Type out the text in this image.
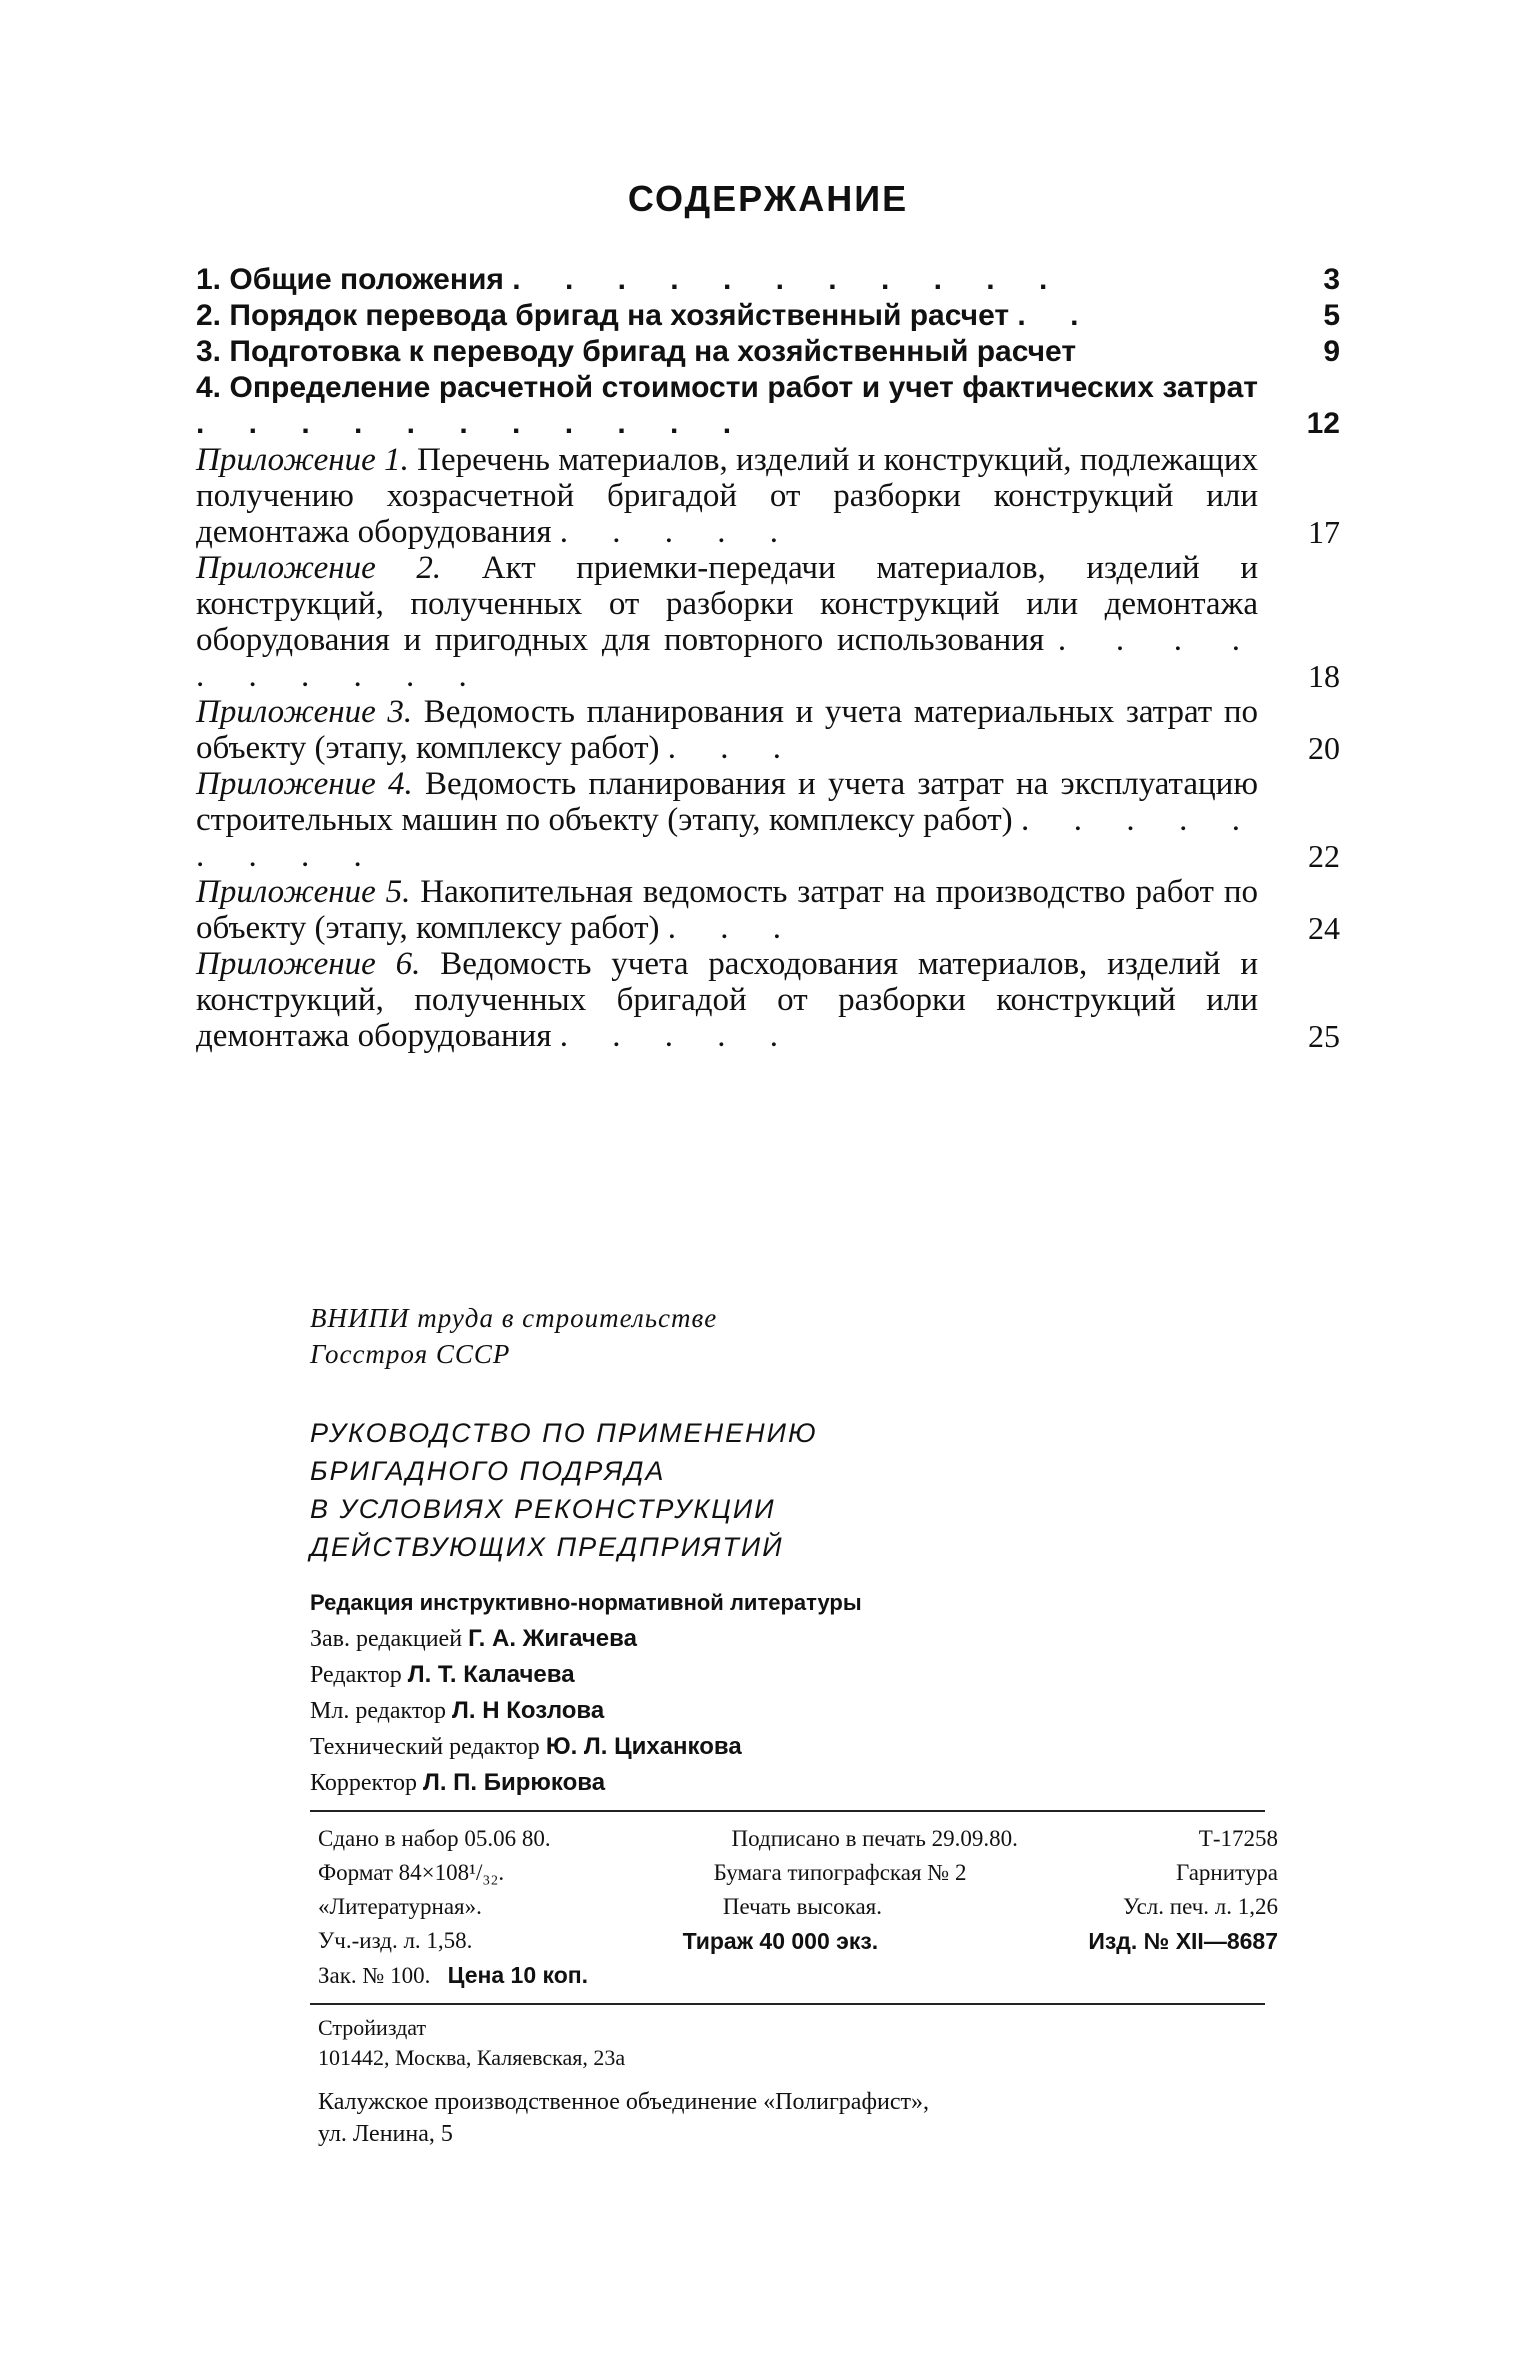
СОДЕРЖАНИЕ
1. Общие положения . . . . . . . . . . .	3
2. Порядок перевода бригад на хозяйственный расчет . .	5
3. Подготовка к переводу бригад на хозяйственный расчет	9
4. Определение расчетной стоимости работ и учет фактических затрат . . . . . . . . . . .	12
Приложение 1. Перечень материалов, изделий и конструкций, подлежащих получению хозрасчетной бригадой от разборки конструкций или демонтажа оборудования . . . . .	17
Приложение 2. Акт приемки-передачи материалов, изделий и конструкций, полученных от разборки конструкций или демонтажа оборудования и пригодных для повторного использования . . . . . . . . . .	18
Приложение 3. Ведомость планирования и учета материальных затрат по объекту (этапу, комплексу работ) . . .	20
Приложение 4. Ведомость планирования и учета затрат на эксплуатацию строительных машин по объекту (этапу, комплексу работ) . . . . . . . . .	22
Приложение 5. Накопительная ведомость затрат на производство работ по объекту (этапу, комплексу работ) . . .	24
Приложение 6. Ведомость учета расходования материалов, изделий и конструкций, полученных бригадой от разборки конструкций или демонтажа оборудования . . . . .	25
ВНИПИ труда в строительстве
Госстроя СССР
РУКОВОДСТВО ПО ПРИМЕНЕНИЮ
БРИГАДНОГО ПОДРЯДА
В УСЛОВИЯХ РЕКОНСТРУКЦИИ
ДЕЙСТВУЮЩИХ ПРЕДПРИЯТИЙ
Редакция инструктивно-нормативной литературы
Зав. редакцией Г. А. Жигачева
Редактор Л. Т. Калачева
Мл. редактор Л. Н Козлова
Технический редактор Ю. Л. Циханкова
Корректор Л. П. Бирюкова
Сдано в набор 05.06 80.	Подписано в печать 29.09.80.	Т-17258
Формат 84×108¹/₃₂.	Бумага типографская № 2	Гарнитура
«Литературная».	Печать высокая.	Усл. печ. л. 1,26
Уч.-изд. л. 1,58.	Тираж 40 000 экз.	Изд. № XII—8687
Зак. № 100. Цена 10 коп.
Стройиздат
101442, Москва, Каляевская, 23а
Калужское производственное объединение «Полиграфист»,
ул. Ленина, 5
